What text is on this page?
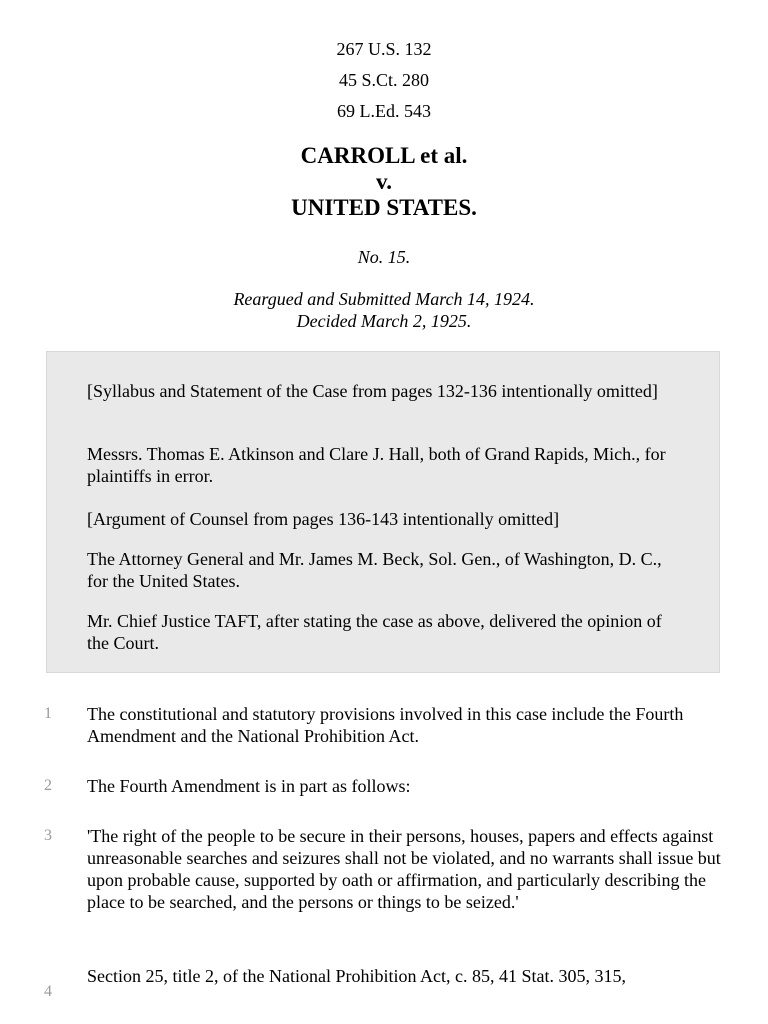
267 U.S. 132
45 S.Ct. 280
69 L.Ed. 543
CARROLL et al.
v.
UNITED STATES.
No. 15.
Reargued and Submitted March 14, 1924.
Decided March 2, 1925.

[Syllabus and Statement of the Case from pages 132-136 intentionally omitted]

Messrs. Thomas E. Atkinson and Clare J. Hall, both of Grand Rapids, Mich., for plaintiffs in error.

[Argument of Counsel from pages 136-143 intentionally omitted]

The Attorney General and Mr. James M. Beck, Sol. Gen., of Washington, D. C., for the United States.

Mr. Chief Justice TAFT, after stating the case as above, delivered the opinion of the Court.

1	The constitutional and statutory provisions involved in this case include the Fourth Amendment and the National Prohibition Act.
2	The Fourth Amendment is in part as follows:
3	'The right of the people to be secure in their persons, houses, papers and effects against unreasonable searches and seizures shall not be violated, and no warrants shall issue but upon probable cause, supported by oath or affirmation, and particularly describing the place to be searched, and the persons or things to be seized.'
4
Section 25, title 2, of the National Prohibition Act, c. 85, 41 Stat. 305, 315,
